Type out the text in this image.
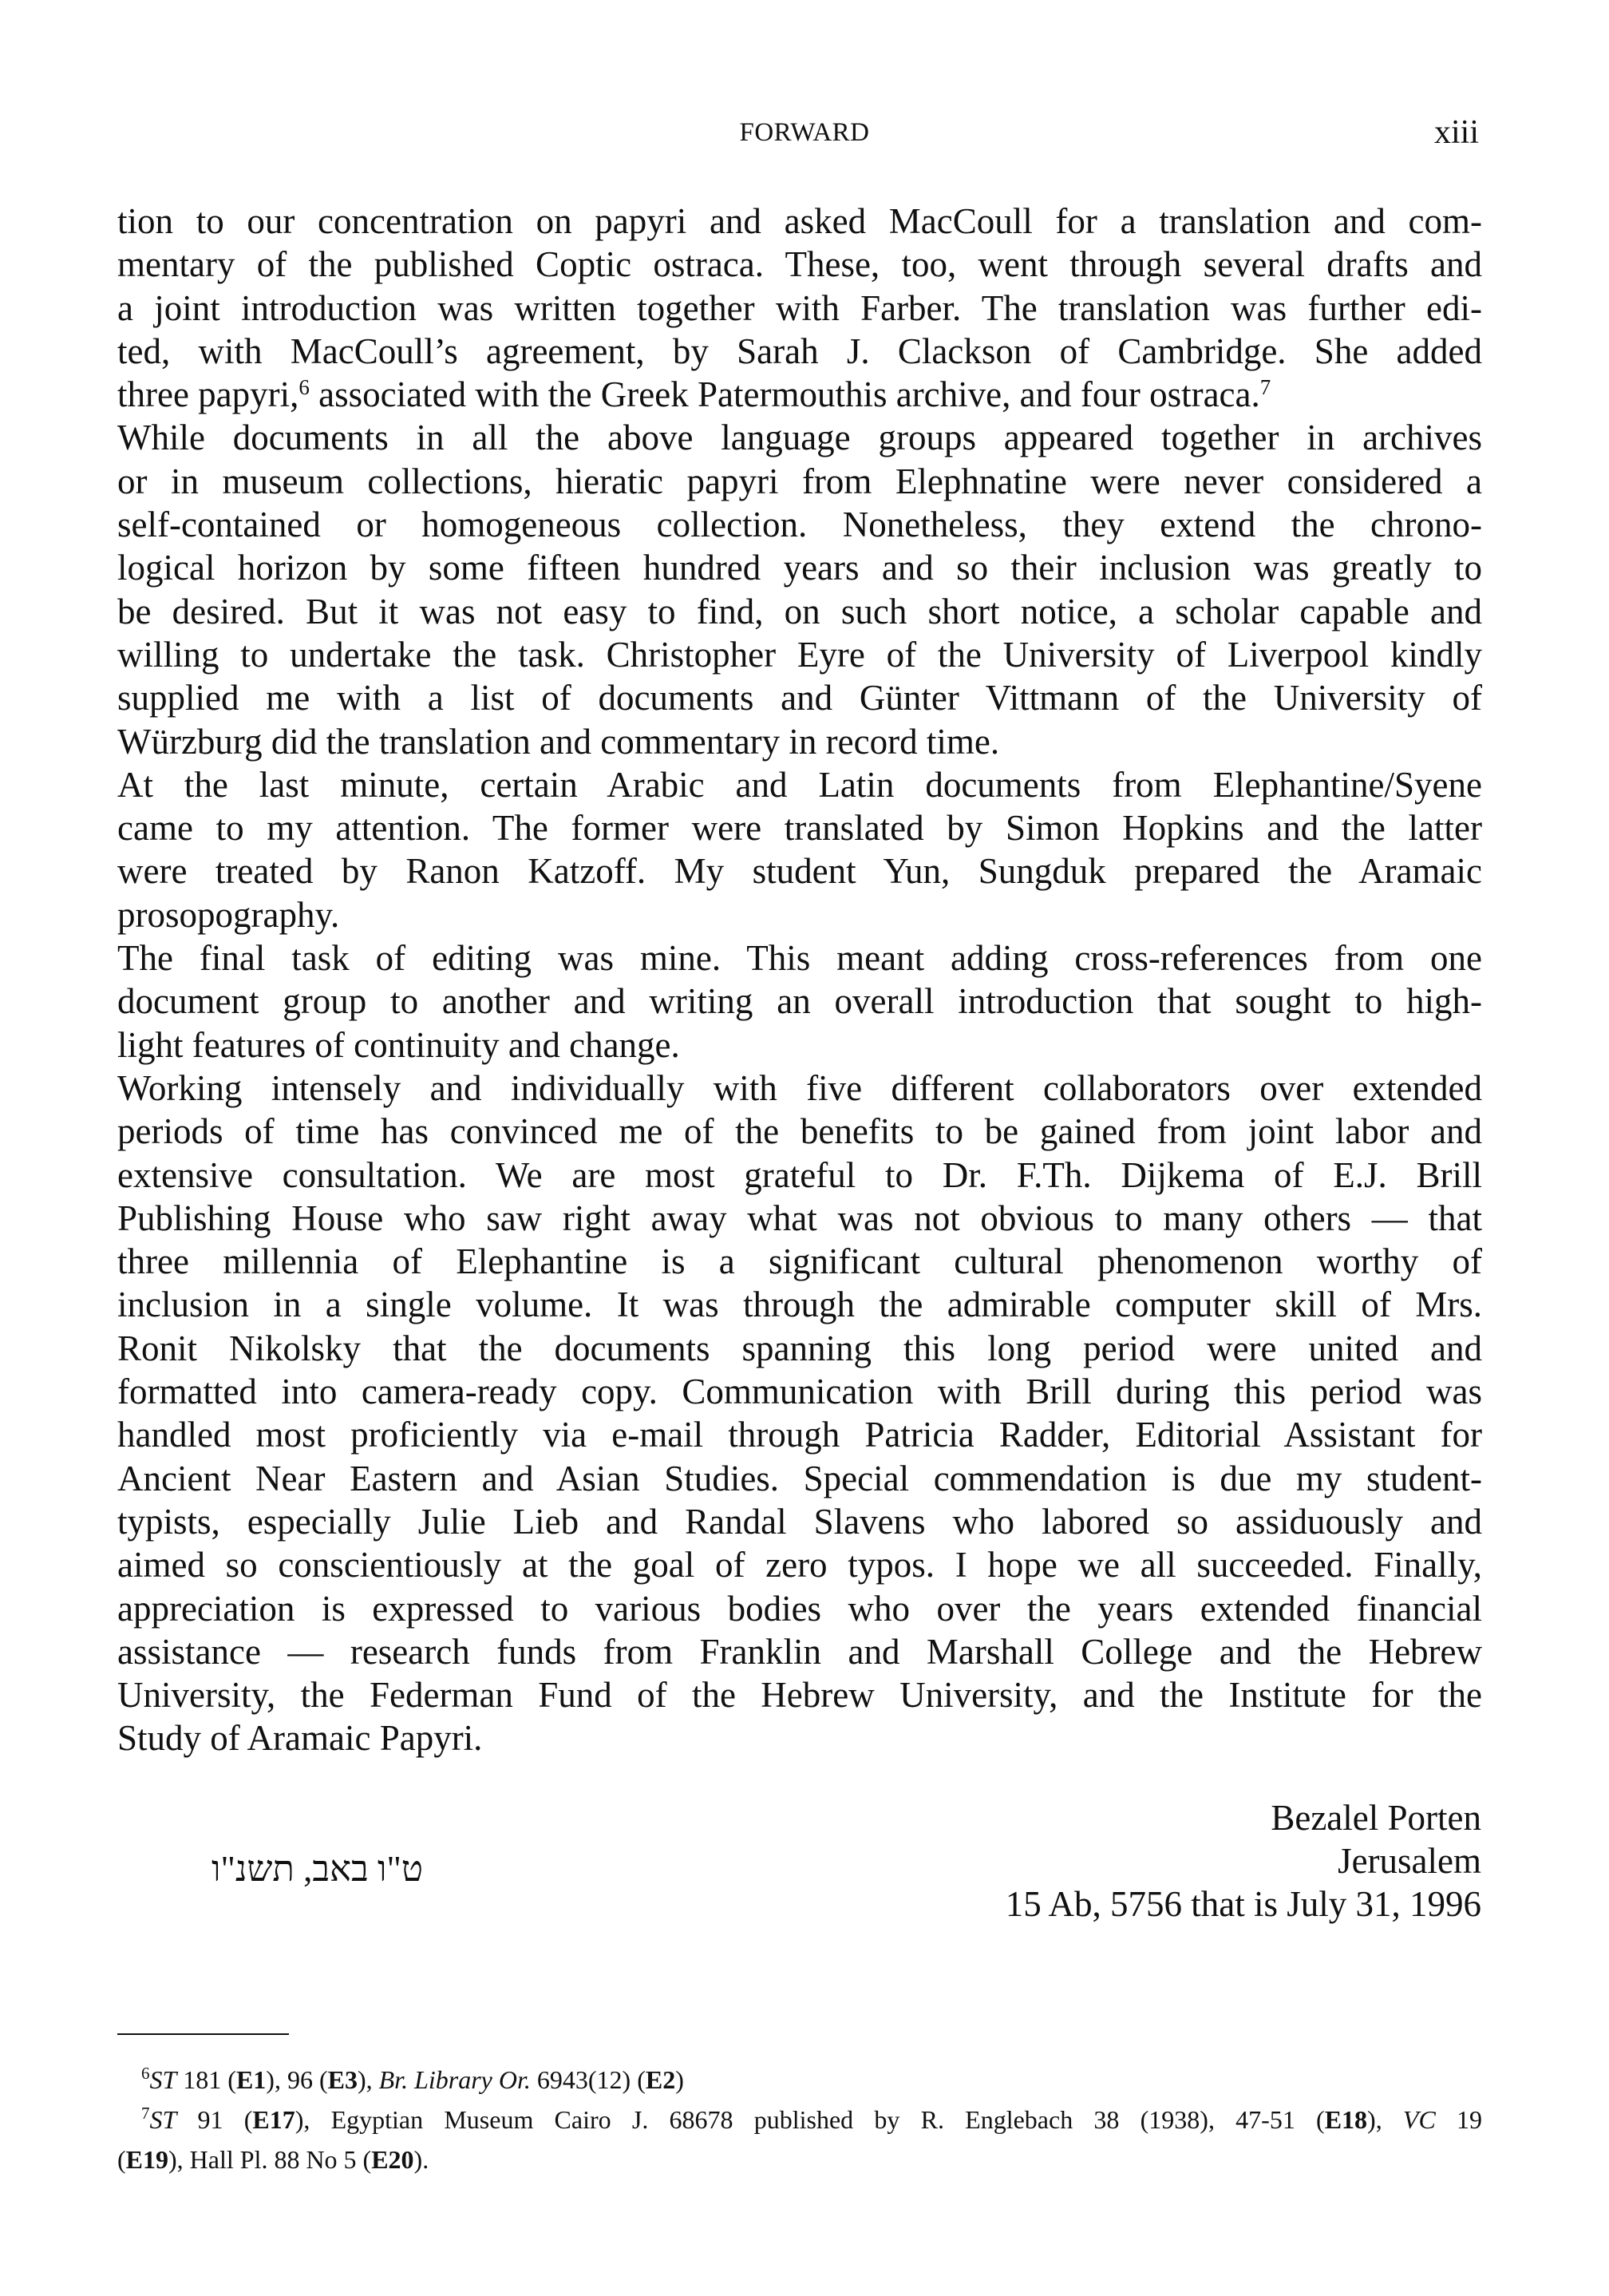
FORWARD	xiii
tion to our concentration on papyri and asked MacCoull for a translation and com-
mentary of the published Coptic ostraca. These, too, went through several drafts and
a joint introduction was written together with Farber. The translation was further edi-
ted, with MacCoull’s agreement, by Sarah J. Clackson of Cambridge. She added
three papyri,$^6$ associated with the Greek Patermouthis archive, and four ostraca.$^7$
While documents in all the above language groups appeared together in archives
or in museum collections, hieratic papyri from Elephnatine were never considered a
self-contained or homogeneous collection. Nonetheless, they extend the chrono-
logical horizon by some fifteen hundred years and so their inclusion was greatly to
be desired. But it was not easy to find, on such short notice, a scholar capable and
willing to undertake the task. Christopher Eyre of the University of Liverpool kindly
supplied me with a list of documents and Günter Vittmann of the University of
Würzburg did the translation and commentary in record time.
At the last minute, certain Arabic and Latin documents from Elephantine/Syene
came to my attention. The former were translated by Simon Hopkins and the latter
were treated by Ranon Katzoff. My student Yun, Sungduk prepared the Aramaic
prosopography.
The final task of editing was mine. This meant adding cross-references from one
document group to another and writing an overall introduction that sought to high-
light features of continuity and change.
Working intensely and individually with five different collaborators over extended
periods of time has convinced me of the benefits to be gained from joint labor and
extensive consultation. We are most grateful to Dr. F.Th. Dijkema of E.J. Brill
Publishing House who saw right away what was not obvious to many others — that
three millennia of Elephantine is a significant cultural phenomenon worthy of
inclusion in a single volume. It was through the admirable computer skill of Mrs.
Ronit Nikolsky that the documents spanning this long period were united and
formatted into camera-ready copy. Communication with Brill during this period was
handled most proficiently via e-mail through Patricia Radder, Editorial Assistant for
Ancient Near Eastern and Asian Studies. Special commendation is due my student-
typists, especially Julie Lieb and Randal Slavens who labored so assiduously and
aimed so conscientiously at the goal of zero typos. I hope we all succeeded. Finally,
appreciation is expressed to various bodies who over the years extended financial
assistance — research funds from Franklin and Marshall College and the Hebrew
University, the Federman Fund of the Hebrew University, and the Institute for the
Study of Aramaic Papyri.
Bezalel Porten
Jerusalem
15 Ab, 5756 that is July 31, 1996
ט"ו באב, תשנ"ו
$^6$ST 181 (E1), 96 (E3), Br. Library Or. 6943(12) (E2)
$^7$ST 91 (E17), Egyptian Museum Cairo J. 68678 published by R. Englebach 38 (1938), 47-51 (E18), VC 19
(E19), Hall Pl. 88 No 5 (E20).
